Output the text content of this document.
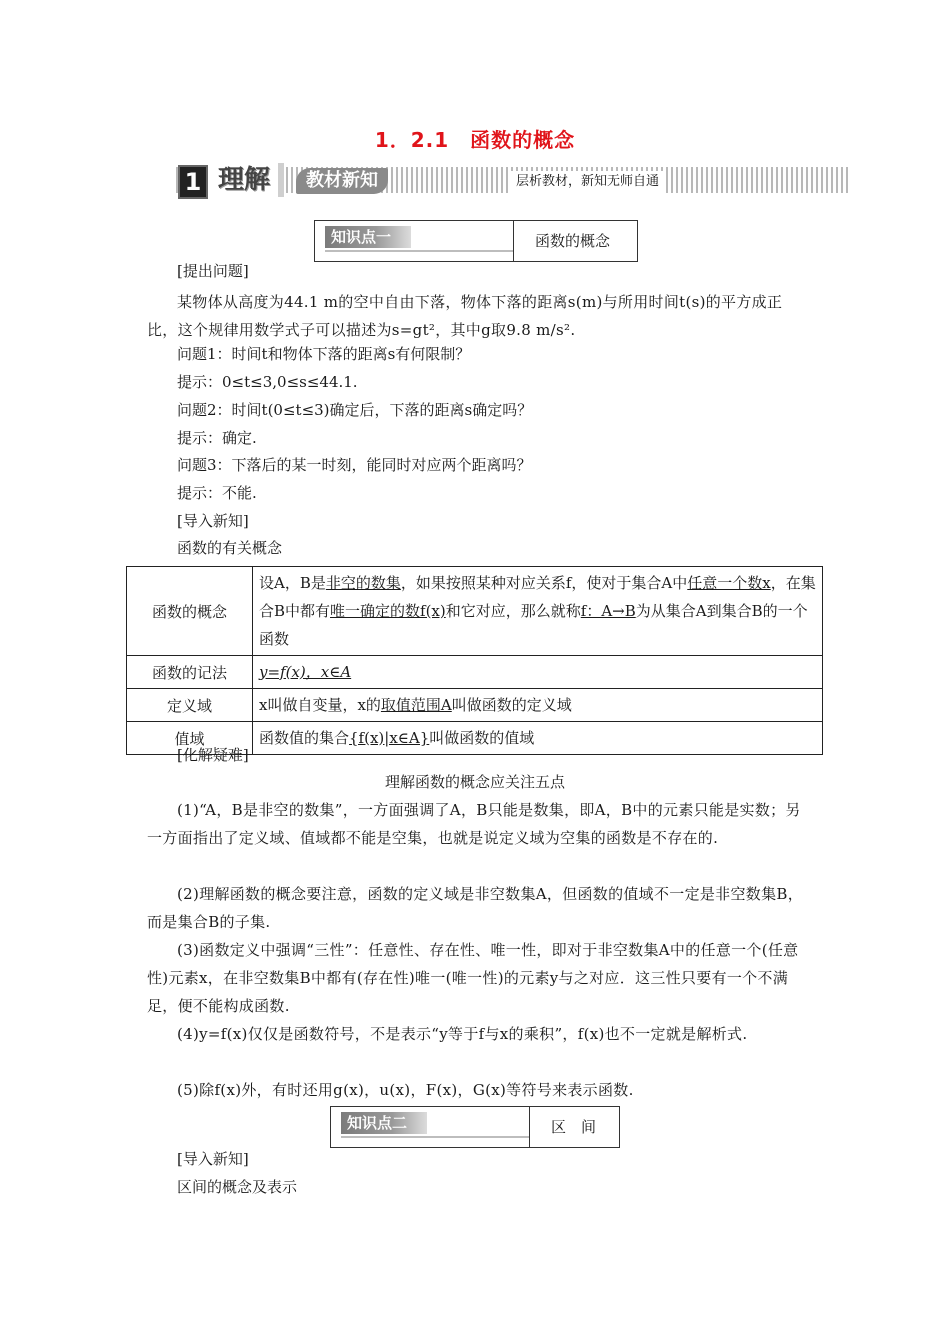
1．2.1　函数的概念
1 理解	教材新知	层析教材，新知无师自通
知识点一	函数的概念
[提出问题]
某物体从高度为44.1 m的空中自由下落，物体下落的距离s(m)与所用时间t(s)的平方成正比，这个规律用数学式子可以描述为s=gt²，其中g取9.8 m/s².
问题1：时间t和物体下落的距离s有何限制？
提示：0≤t≤3,0≤s≤44.1.
问题2：时间t(0≤t≤3)确定后，下落的距离s确定吗？
提示：确定.
问题3：下落后的某一时刻，能同时对应两个距离吗？
提示：不能.
[导入新知]
函数的有关概念
函数的概念	设A，B是非空的数集，如果按照某种对应关系f，使对于集合A中任意一个数x，在集合B中都有唯一确定的数f(x)和它对应，那么就称f：A→B为从集合A到集合B的一个函数
函数的记法	y=f(x)，x∈A
定义域	x叫做自变量，x的取值范围A叫做函数的定义域
值域	函数值的集合{f(x)|x∈A}叫做函数的值域
[化解疑难]
理解函数的概念应关注五点
(1)“A，B是非空的数集”，一方面强调了A，B只能是数集，即A，B中的元素只能是实数；另一方面指出了定义域、值域都不能是空集，也就是说定义域为空集的函数是不存在的.
(2)理解函数的概念要注意，函数的定义域是非空数集A，但函数的值域不一定是非空数集B，而是集合B的子集.
(3)函数定义中强调“三性”：任意性、存在性、唯一性，即对于非空数集A中的任意一个(任意性)元素x，在非空数集B中都有(存在性)唯一(唯一性)的元素y与之对应．这三性只要有一个不满足，便不能构成函数.
(4)y=f(x)仅仅是函数符号，不是表示“y等于f与x的乘积”，f(x)也不一定就是解析式.
(5)除f(x)外，有时还用g(x)，u(x)，F(x)，G(x)等符号来表示函数.
知识点二	区　间
[导入新知]
区间的概念及表示
